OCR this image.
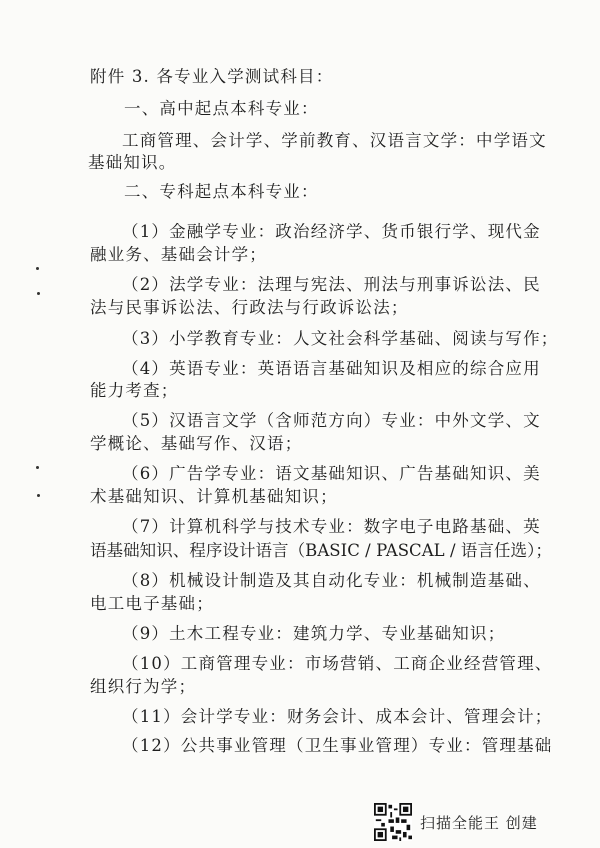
附件 3. 各专业入学测试科目：
一、高中起点本科专业：
工商管理、会计学、学前教育、汉语言文学：中学语文
基础知识。
二、专科起点本科专业：
（1）金融学专业：政治经济学、货币银行学、现代金
融业务、基础会计学；
（2）法学专业：法理与宪法、刑法与刑事诉讼法、民
法与民事诉讼法、行政法与行政诉讼法；
（3）小学教育专业：人文社会科学基础、阅读与写作；
（4）英语专业：英语语言基础知识及相应的综合应用
能力考查；
（5）汉语言文学（含师范方向）专业：中外文学、文
学概论、基础写作、汉语；
（6）广告学专业：语文基础知识、广告基础知识、美
术基础知识、计算机基础知识；
（7）计算机科学与技术专业：数字电子电路基础、英
语基础知识、程序设计语言（BASIC / PASCAL / 语言任选）；
（8）机械设计制造及其自动化专业：机械制造基础、
电工电子基础；
（9）土木工程专业：建筑力学、专业基础知识；
（10）工商管理专业：市场营销、工商企业经营管理、
组织行为学；
（11）会计学专业：财务会计、成本会计、管理会计；
（12）公共事业管理（卫生事业管理）专业：管理基础
扫描全能王 创建
